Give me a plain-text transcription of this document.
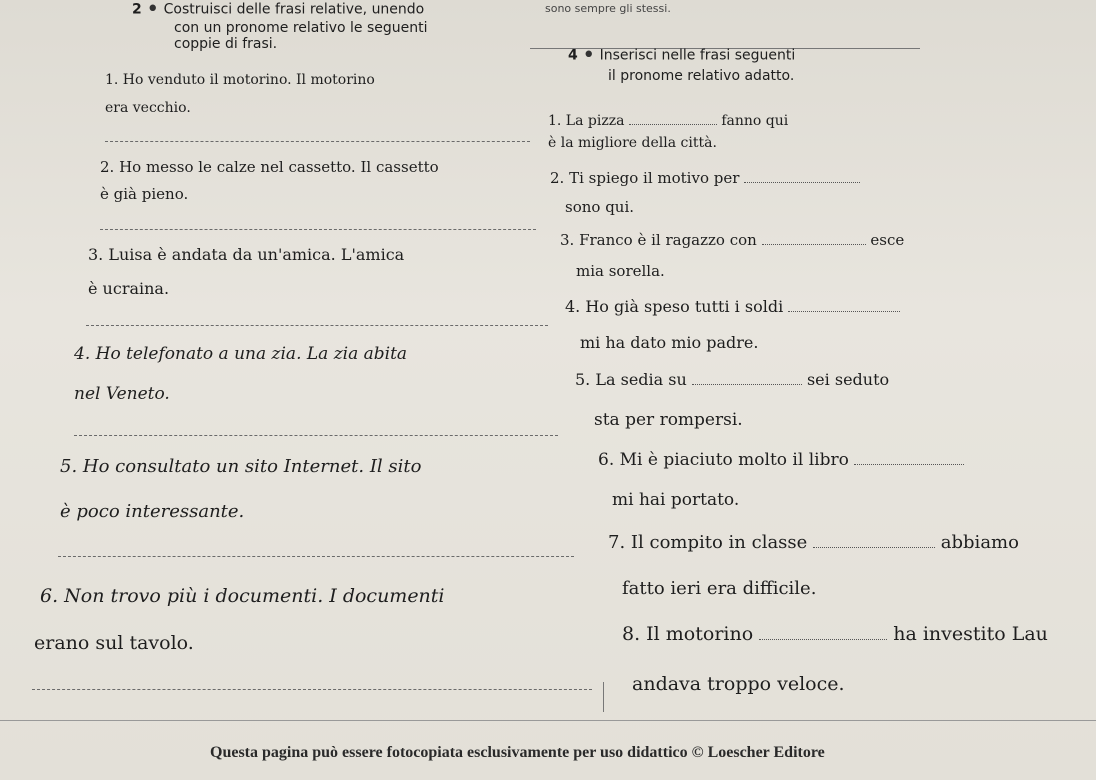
2 • Costruisci delle frasi relative, unendo
con un pronome relativo le seguenti
coppie di frasi.
sono sempre gli stessi.
1. Ho venduto il motorino. Il motorino
era vecchio.
2. Ho messo le calze nel cassetto. Il cassetto
è già pieno.
3. Luisa è andata da un'amica. L'amica
è ucraina.
4. Ho telefonato a una zia. La zia abita
nel Veneto.
5. Ho consultato un sito Internet. Il sito
è poco interessante.
6. Non trovo più i documenti. I documenti
erano sul tavolo.
4 • Inserisci nelle frasi seguenti
il pronome relativo adatto.
1. La pizza	fanno qui
è la migliore della città.
2. Ti spiego il motivo per
sono qui.
3. Franco è il ragazzo con	esce
mia sorella.
4. Ho già speso tutti i soldi
mi ha dato mio padre.
5. La sedia su	sei seduto
sta per rompersi.
6. Mi è piaciuto molto il libro
mi hai portato.
7. Il compito in classe	abbiamo
fatto ieri era difficile.
8. Il motorino	ha investito Lau
andava troppo veloce.
Questa pagina può essere fotocopiata esclusivamente per uso didattico © Loescher Editore
